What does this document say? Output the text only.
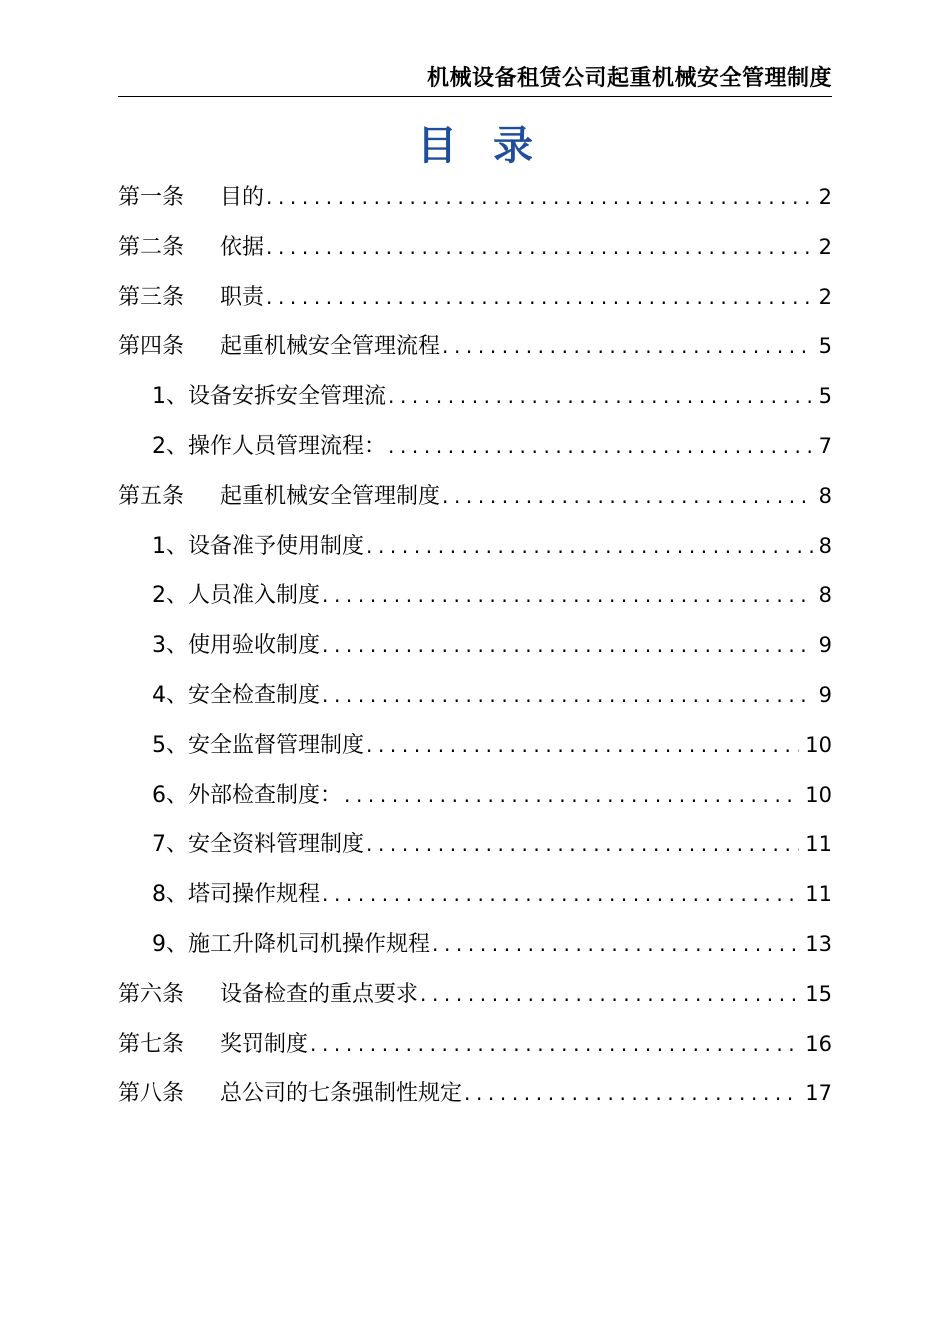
机械设备租赁公司起重机械安全管理制度
目录
第一条	目的 .....	2
第二条	依据 .....	2
第三条	职责 .....	2
第四条	起重机械安全管理流程 .....	5
1、设备安拆安全管理流 .....	5
2、操作人员管理流程： .....	7
第五条	起重机械安全管理制度 .....	8
1、设备准予使用制度 .....	8
2、人员准入制度 .....	8
3、使用验收制度 .....	9
4、安全检查制度 .....	9
5、安全监督管理制度 .....	10
6、外部检查制度： .....	10
7、安全资料管理制度 .....	11
8、塔司操作规程 .....	11
9、施工升降机司机操作规程 .....	13
第六条	设备检查的重点要求 .....	15
第七条	奖罚制度 .....	16
第八条	总公司的七条强制性规定 .....	17
